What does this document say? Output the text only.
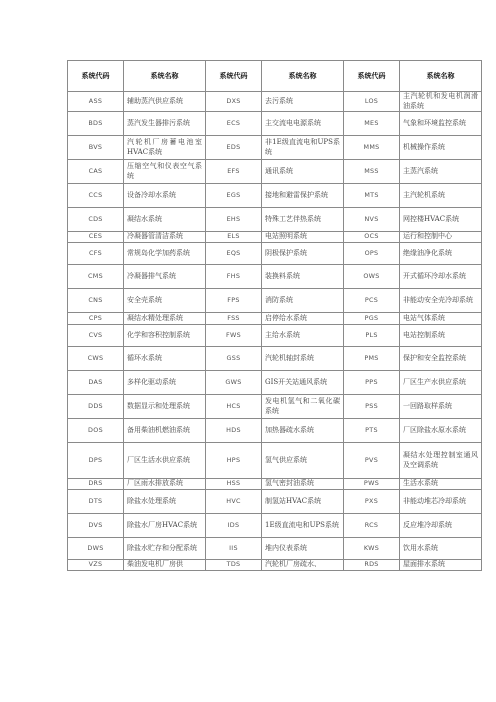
系统代码	系统名称	系统代码	系统名称	系统代码	系统名称
ASS	辅助蒸汽供应系统	DXS	去污系统	LOS	主汽轮机和发电机润滑油系统
BDS	蒸汽发生器排污系统	ECS	主交流电电源系统	MES	气象和环境监控系统
BVS	汽轮机厂房蓄电池室HVAC系统	EDS	非1E级直流电和UPS系统	MMS	机械操作系统
CAS	压缩空气和仪表空气系统	EFS	通讯系统	MSS	主蒸汽系统
CCS	设备冷却水系统	EGS	接地和避雷保护系统	MTS	主汽轮机系统
CDS	凝结水系统	EHS	特殊工艺伴热系统	NVS	网控楼HVAC系统
CES	冷凝器管清洁系统	ELS	电站照明系统	OCS	运行和控制中心
CFS	常规岛化学加药系统	EQS	阴极保护系统	OPS	绝缘油净化系统
CMS	冷凝器排气系统	FHS	装换料系统	OWS	开式循环冷却水系统
CNS	安全壳系统	FPS	消防系统	PCS	非能动安全壳冷却系统
CPS	凝结水精处理系统	FSS	启停给水系统	PGS	电站气体系统
CVS	化学和容积控制系统	FWS	主给水系统	PLS	电站控制系统
CWS	循环水系统	GSS	汽轮机轴封系统	PMS	保护和安全监控系统
DAS	多样化驱动系统	GWS	GIS开关站通风系统	PPS	厂区生产水供应系统
DDS	数据显示和处理系统	HCS	发电机氢气和二氧化碳系统	PSS	一回路取样系统
DOS	备用柴油机燃油系统	HDS	加热器疏水系统	PTS	厂区除盐水原水系统
DPS	厂区生活水供应系统	HPS	氢气供应系统	PVS	凝结水处理控制室通风及空调系统
DRS	厂区雨水排放系统	HSS	氢气密封油系统	PWS	生活水系统
DTS	除盐水处理系统	HVC	制氢站HVAC系统	PXS	非能动堆芯冷却系统
DVS	除盐水厂房HVAC系统	IDS	1E级直流电和UPS系统	RCS	反应堆冷却系统
DWS	除盐水贮存和分配系统	IIS	堆内仪表系统	KWS	饮用水系统
VZS	柴油发电机厂房供	TDS	汽轮机厂房疏水、	RDS	屋面排水系统
